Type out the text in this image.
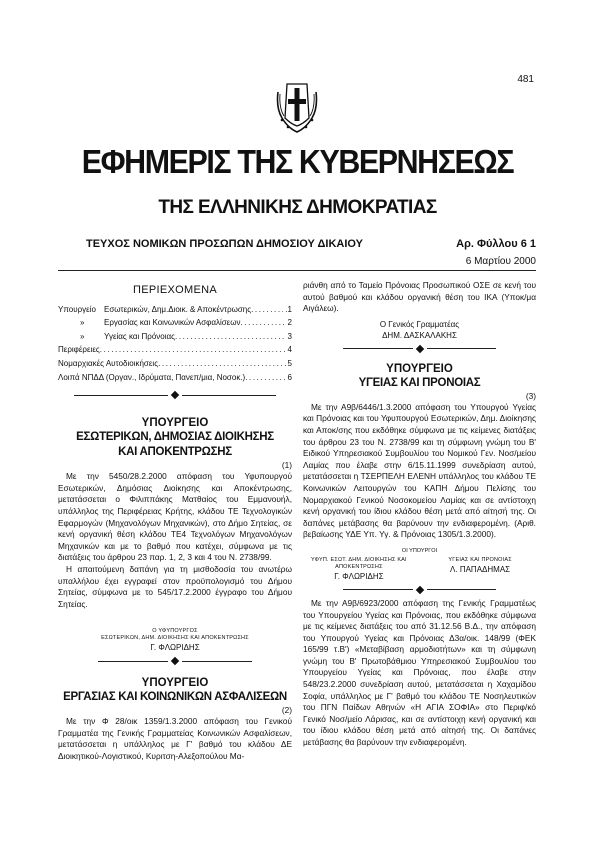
481
ΕΦΗΜΕΡΙΣ ΤΗΣ ΚΥΒΕΡΝΗΣΕΩΣ
ΤΗΣ ΕΛΛΗΝΙΚΗΣ ΔΗΜΟΚΡΑΤΙΑΣ
ΤΕΥΧΟΣ ΝΟΜΙΚΩΝ ΠΡΟΣΩΠΩΝ ΔΗΜΟΣΙΟΥ ΔΙΚΑΙΟΥ	Αρ. Φύλλου 6 1
6 Μαρτίου 2000
ΠΕΡΙΕΧΟΜΕΝΑ
Υπουργείο	Εσωτερικών, Δημ.Διοικ. & Αποκέντρωσης .....	.1
»	Εργασίας και Κοινωνικών Ασφαλίσεων .....	2
»	Υγείας και Πρόνοιας .....	3
Περιφέρειες .....	4
Νομαρχιακές Αυτοδιοικήσεις .....	5
Λοιπά ΝΠΔΔ (Οργαν., Ιδρύματα, Πανεπ/μια, Νοσοκ.) .....	6
ΥΠΟΥΡΓΕΙΟ
ΕΣΩΤΕΡΙΚΩΝ, ΔΗΜΟΣΙΑΣ ΔΙΟΙΚΗΣΗΣ
ΚΑΙ ΑΠΟΚΕΝΤΡΩΣΗΣ
(1)

Με την 5450/28.2.2000 απόφαση του Υφυπουργού Εσωτερικών, Δημόσιας Διοίκησης και Αποκέντρωσης, μετατάσσεται ο Φιλιππάκης Ματθαίος του Εμμανουήλ, υπάλληλος της Περιφέρειας Κρήτης, κλάδου ΤΕ Τεχνολογικών Εφαρμογών (Μηχανολόγων Μηχανικών), στο Δήμο Σητείας, σε κενή οργανική θέση κλάδου ΤΕ4 Τεχνολόγων Μηχανολόγων Μηχανικών και με το βαθμό που κατέχει, σύμφωνα με τις διατάξεις του άρθρου 23 παρ. 1, 2, 3 και 4 του Ν. 2738/99.

Η απαιτούμενη δαπάνη για τη μισθοδοσία του ανωτέρω υπαλλήλου έχει εγγραφεί στον προϋπολογισμό του Δήμου Σητείας, σύμφωνα με το 545/17.2.2000 έγγραφο του Δήμου Σητείας.

Ο ΥΦΥΠΟΥΡΓΟΣ
ΕΣΩΤΕΡΙΚΩΝ, ΔΗΜ. ΔΙΟΙΚΗΣΗΣ ΚΑΙ ΑΠΟΚΕΝΤΡΩΣΗΣ
Γ. ΦΛΩΡΙΔΗΣ
ΥΠΟΥΡΓΕΙΟ
ΕΡΓΑΣΙΑΣ ΚΑΙ ΚΟΙΝΩΝΙΚΩΝ ΑΣΦΑΛΙΣΕΩΝ
(2)

Με την Φ 28/οικ 1359/1.3.2000 απόφαση του Γενικού Γραμματέα της Γενικής Γραμματείας Κοινωνικών Ασφαλίσεων, μετατάσσεται η υπάλληλος με Γ' βαθμό του κλάδου ΔΕ Διοικητικού-Λογιστικού, Κυριτση-Αλεξοπούλου Μα-

ριάνθη από το Ταμείο Πρόνοιας Προσωπικού ΟΣΕ σε κενή του αυτού βαθμού και κλάδου οργανική θέση του ΙΚΑ (Υποκ/μα Αιγάλεω).

Ο Γενικός Γραμματέας
ΔΗΜ. ΔΑΣΚΑΛΑΚΗΣ
ΥΠΟΥΡΓΕΙΟ
ΥΓΕΙΑΣ ΚΑΙ ΠΡΟΝΟΙΑΣ
(3)

Με την Α9β/6446/1.3.2000 απόφαση του Υπουργού Υγείας και Πρόνοιας και του Υφυπουργού Εσωτερικών, Δημ. Διοίκησης και Αποκ/σης που εκδόθηκε σύμφωνα με τις κείμενες διατάξεις του άρθρου 23 του Ν. 2738/99 και τη σύμφωνη γνώμη του Β' Ειδικού Υπηρεσιακού Συμβουλίου του Νομικού Γεν. Νοσ/μείου Λαμίας που έλαβε στην 6/15.11.1999 συνεδρίαση αυτού, μετατάσσεται η ΤΣΕΡΠΕΛΗ ΕΛΕΝΗ υπάλληλος του κλάδου ΤΕ Κοινωνικών Λειτουργών του ΚΑΠΗ Δήμου Πελίσης του Νομαρχιακού Γενικού Νοσοκομείου Λαμίας και σε αντίστοιχη κενή οργανική του ίδιου κλάδου θέση μετά από αίτησή της. Οι δαπάνες μετάβασης θα βαρύνουν την ενδιαφερομένη. (Αριθ. βεβαίωσης ΥΔΕ Υπ. Υγ. & Πρόνοιας 1305/1.3.2000).

ΟΙ ΥΠΟΥΡΓΟΙ
ΥΦΥΠ. ΕΣΩΤ. ΔΗΜ. ΔΙΟΙΚΗΣΗΣ ΚΑΙ ΑΠΟΚΕΝΤΡΩΣΗΣ
Γ. ΦΛΩΡΙΔΗΣ
ΥΓΕΙΑΣ ΚΑΙ ΠΡΟΝΟΙΑΣ
Λ. ΠΑΠΑΔΗΜΑΣ

Με την Α9β/6923/2000 απόφαση της Γενικής Γραμματέως του Υπουργείου Υγείας και Πρόνοιας, που εκδόθηκε σύμφωνα με τις κείμενες διατάξεις του από 31.12.56 Β.Δ., την απόφαση του Υπουργού Υγείας και Πρόνοιας Δ3α/οικ. 148/99 (ΦΕΚ 165/99 τ.Β') «Μεταβίβαση αρμοδιοτήτων» και τη σύμφωνη γνώμη του Β' Πρωτοβάθμιου Υπηρεσιακού Συμβουλίου του Υπουργείου Υγείας και Πρόνοιας, που έλαβε στην 548/23.2.2000 συνεδρίαση αυτού, μετατάσσεται η Χαχαμίδου Σοφία, υπάλληλος με Γ' βαθμό του κλάδου ΤΕ Νοσηλευτικών του ΠΓΝ Παίδων Αθηνών «Η ΑΓΙΑ ΣΟΦΙΑ» στο Περιφ/κό Γενικό Νοσ/μείο Λάρισας, και σε αντίστοιχη κενή οργανική και του ίδιου κλάδου θέση μετά από αίτησή της. Οι δαπάνες μετάβασης θα βαρύνουν την ενδιαφερομένη.
